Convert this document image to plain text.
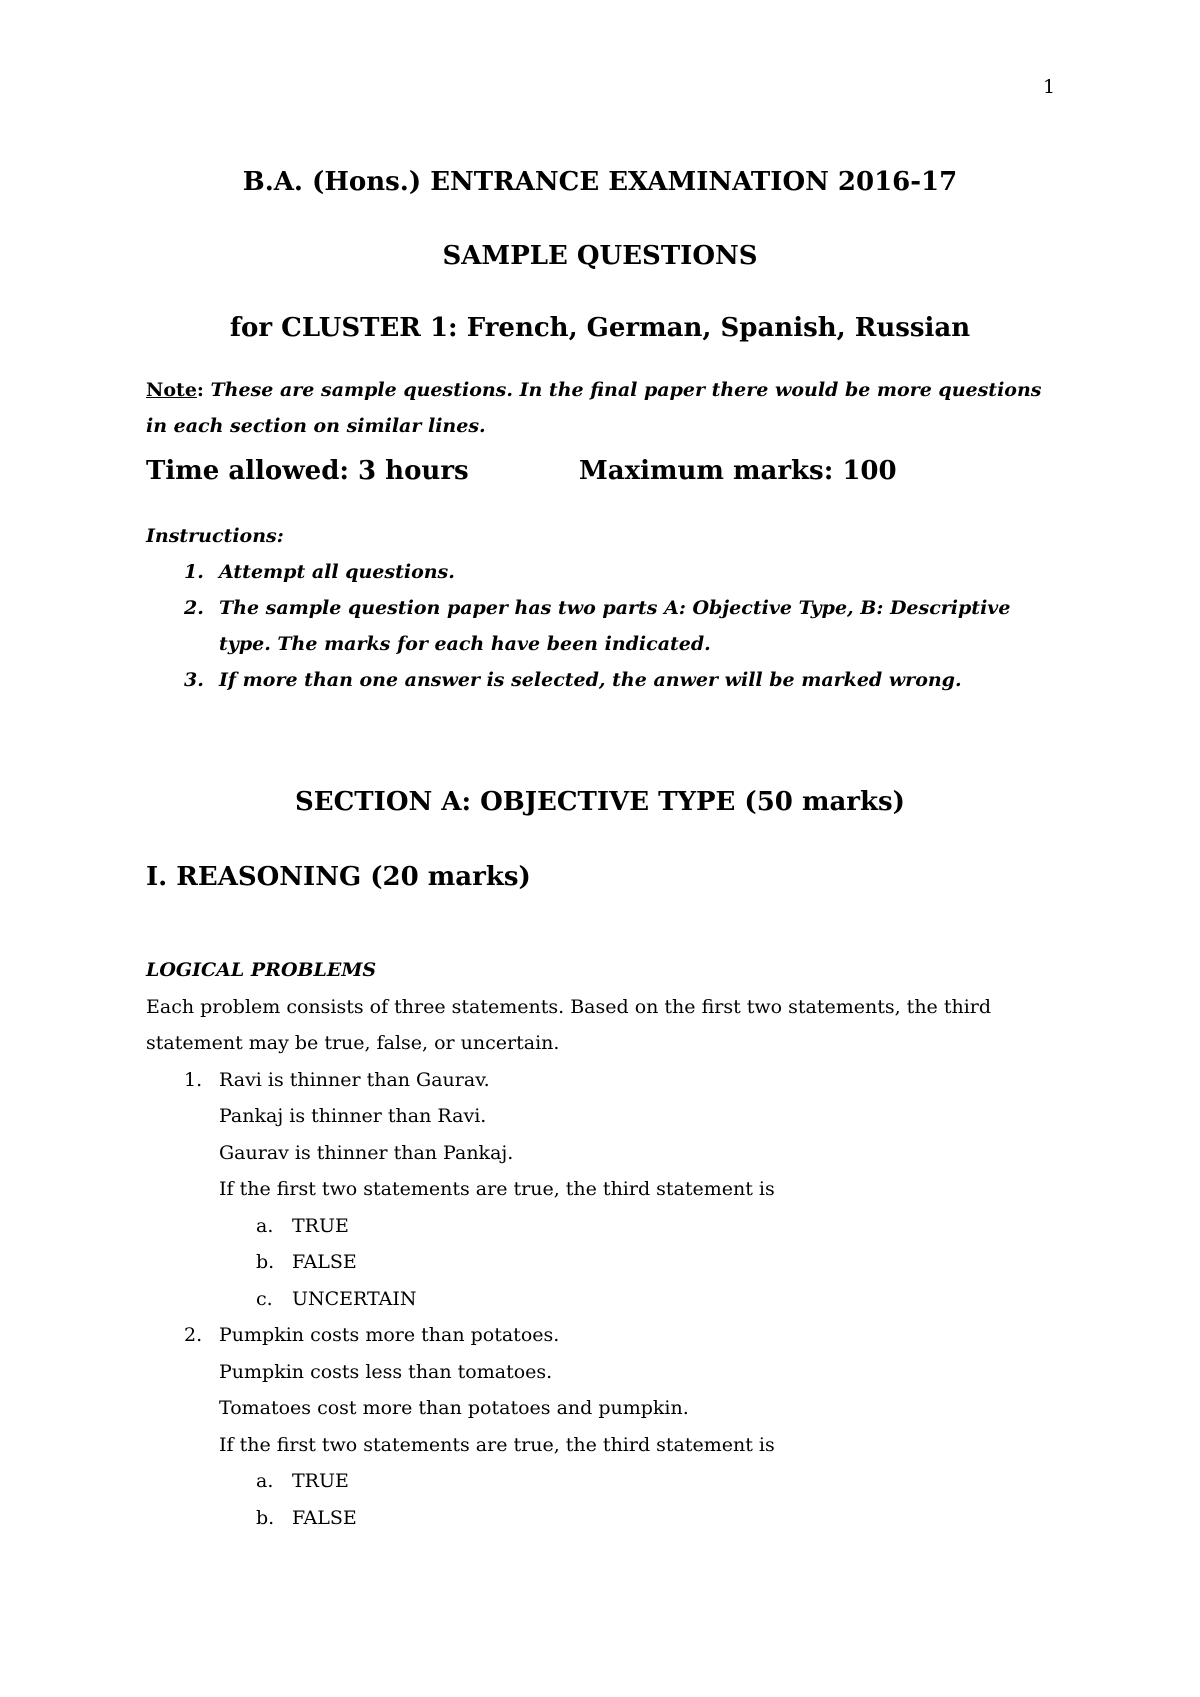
1
B.A. (Hons.) ENTRANCE EXAMINATION 2016-17
SAMPLE QUESTIONS
for CLUSTER 1: French, German, Spanish, Russian
Note: These are sample questions. In the final paper there would be more questions in each section on similar lines.
Time allowed: 3 hours	Maximum marks: 100
Instructions:
1. Attempt all questions.
2. The sample question paper has two parts A: Objective Type, B: Descriptive type. The marks for each have been indicated.
3. If more than one answer is selected, the anwer will be marked wrong.
SECTION A: OBJECTIVE TYPE (50 marks)
I. REASONING (20 marks)
LOGICAL PROBLEMS
Each problem consists of three statements. Based on the first two statements, the third statement may be true, false, or uncertain.
1. Ravi is thinner than Gaurav.
Pankaj is thinner than Ravi.
Gaurav is thinner than Pankaj.
If the first two statements are true, the third statement is
a. TRUE
b. FALSE
c. UNCERTAIN
2. Pumpkin costs more than potatoes.
Pumpkin costs less than tomatoes.
Tomatoes cost more than potatoes and pumpkin.
If the first two statements are true, the third statement is
a. TRUE
b. FALSE
